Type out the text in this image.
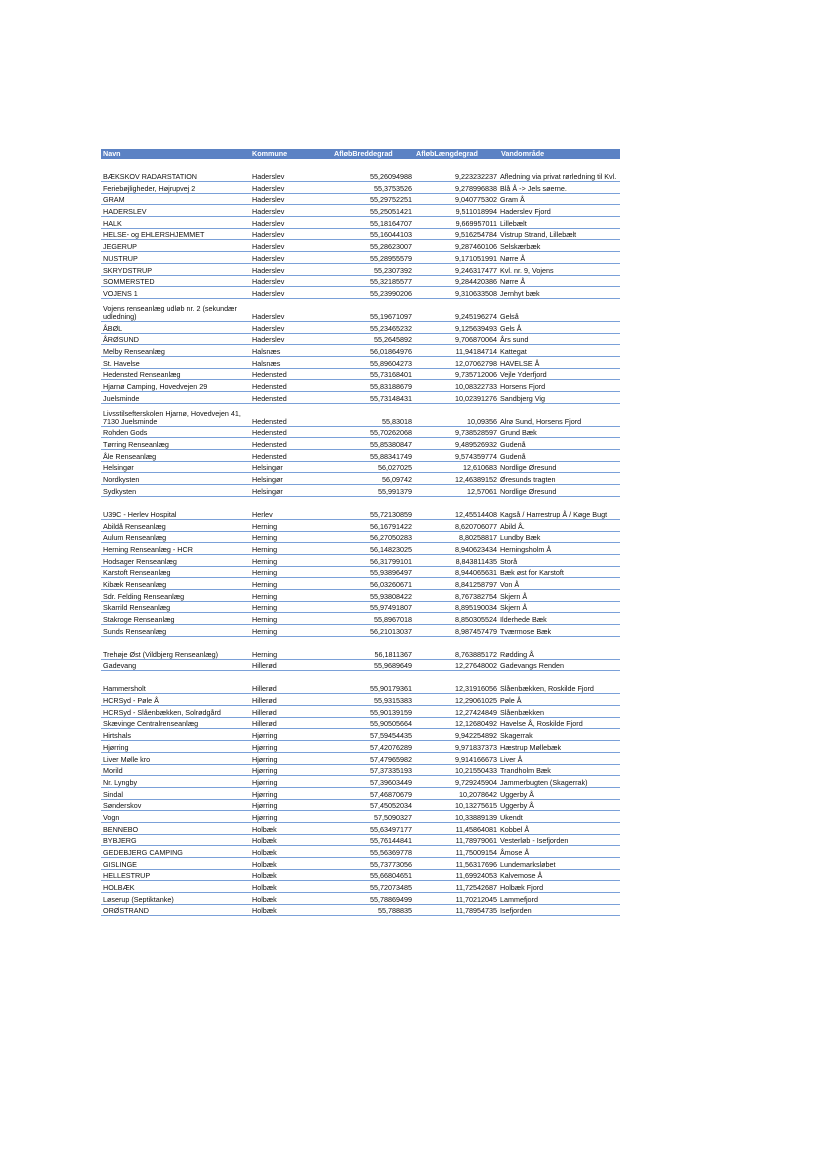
Navn	Kommune	AfløbBreddegrad	AfløbLængdegrad	Vandområde
BÆKSKOV RADARSTATION	Haderslev	55,26094988	9,223232237	Afledning via privat rørledning til Kvl.
Feriebøjligheder, Højrupvej 2	Haderslev	55,3753526	9,278996838	Blå Å -> Jels søerne.
GRAM	Haderslev	55,29752251	9,040775302	Gram Å
HADERSLEV	Haderslev	55,25051421	9,511018994	Haderslev Fjord
HALK	Haderslev	55,18164707	9,669957011	Lillebælt
HELSE- og EHLERSHJEMMET	Haderslev	55,16044103	9,516254784	Vistrup Strand, Lillebælt
JEGERUP	Haderslev	55,28623007	9,287460106	Selskærbæk
NUSTRUP	Haderslev	55,28955579	9,171051991	Nørre Å
SKRYDSTRUP	Haderslev	55,2307392	9,246317477	Kvl. nr. 9, Vojens
SOMMERSTED	Haderslev	55,32185577	9,284420386	Nørre Å
VOJENS 1	Haderslev	55,23990206	9,310633508	Jernhyt bæk
Vojens renseanlæg udløb nr. 2 (sekundær udledning)	Haderslev	55,19671097	9,245196274	Gelså
ÅBØL	Haderslev	55,23465232	9,125639493	Gels Å
ÅRØSUND	Haderslev	55,2645892	9,706870064	Års sund
Melby Renseanlæg	Halsnæs	56,01864976	11,94184714	Kattegat
St. Havelse	Halsnæs	55,89604273	12,07062798	HAVELSE Å
Hedensted Renseanlæg	Hedensted	55,73168401	9,735712006	Vejle Yderfjord
Hjarnø Camping, Hovedvejen 29	Hedensted	55,83188679	10,08322733	Horsens Fjord
Juelsminde	Hedensted	55,73148431	10,02391276	Sandbjerg Vig
Livsstilsefterskolen Hjarnø, Hovedvejen 41, 7130 Juelsminde	Hedensted	55,83018	10,09356	Alrø Sund, Horsens Fjord
Rohden Gods	Hedensted	55,70262068	9,738528597	Grund Bæk
Tørring Renseanlæg	Hedensted	55,85380847	9,489526932	Gudenå
Åle Renseanlæg	Hedensted	55,88341749	9,574359774	Gudenå
Helsingør	Helsingør	56,027025	12,610683	Nordlige Øresund
Nordkysten	Helsingør	56,09742	12,46389152	Øresunds tragten
Sydkysten	Helsingør	55,991379	12,57061	Nordlige Øresund
U39C - Herlev Hospital	Herlev	55,72130859	12,45514408	Kagså / Harrestrup Å / Køge Bugt
Abildå Renseanlæg	Herning	56,16791422	8,620706077	Abild Å.
Aulum Renseanlæg	Herning	56,27050283	8,80258817	Lundby Bæk
Herning Renseanlæg - HCR	Herning	56,14823025	8,940623434	Herningsholm Å
Hodsager Renseanlæg	Herning	56,31799101	8,843811435	Storå
Karstoft Renseanlæg	Herning	55,93896497	8,944065631	Bæk øst for Karstoft
Kibæk Renseanlæg	Herning	56,03260671	8,841258797	Von Å
Sdr. Felding Renseanlæg	Herning	55,93808422	8,767382754	Skjern Å
Skarrild Renseanlæg	Herning	55,97491807	8,895190034	Skjern Å
Stakroge Renseanlæg	Herning	55,8967018	8,850305524	Ilderhede Bæk
Sunds Renseanlæg	Herning	56,21013037	8,987457479	Tværmose Bæk
Trehøje Øst (Vildbjerg Renseanlæg)	Herning	56,1811367	8,763885172	Rødding Å
Gadevang	Hillerød	55,9689649	12,27648002	Gadevangs Renden
Hammersholt	Hillerød	55,90179361	12,31916056	Slåenbækken, Roskilde Fjord
HCRSyd - Pøle Å	Hillerød	55,9315383	12,29061025	Pøle Å
HCRSyd - Slåenbækken, Solrødgård	Hillerød	55,90139159	12,27424849	Slåenbækken
Skævinge Centralrenseanlæg	Hillerød	55,90505664	12,12680492	Havelse Å, Roskilde Fjord
Hirtshals	Hjørring	57,59454435	9,942254892	Skagerrak
Hjørring	Hjørring	57,42076289	9,971837373	Hæstrup Møllebæk
Liver Mølle kro	Hjørring	57,47965982	9,914166673	Liver Å
Morild	Hjørring	57,37335193	10,21550433	Trandholm Bæk
Nr. Lyngby	Hjørring	57,39603449	9,729245904	Jammerbugten (Skagerrak)
Sindal	Hjørring	57,46870679	10,2078642	Uggerby Å
Sønderskov	Hjørring	57,45052034	10,13275615	Uggerby Å
Vogn	Hjørring	57,5090327	10,33889139	Ukendt
BENNEBO	Holbæk	55,63497177	11,45864081	Kobbel Å
BYBJERG	Holbæk	55,76144841	11,78979061	Vesterløb - Isefjorden
GEDEBJERG CAMPING	Holbæk	55,56369778	11,75009154	Åmose Å
GISLINGE	Holbæk	55,73773056	11,56317696	Lundemarksløbet
HELLESTRUP	Holbæk	55,66804651	11,69924053	Kalvemose Å
HOLBÆK	Holbæk	55,72073485	11,72542687	Holbæk Fjord
Løserup (Septiktanke)	Holbæk	55,78869499	11,70212045	Lammefjord
ORØSTRAND	Holbæk	55,788835	11,78954735	Isefjorden
